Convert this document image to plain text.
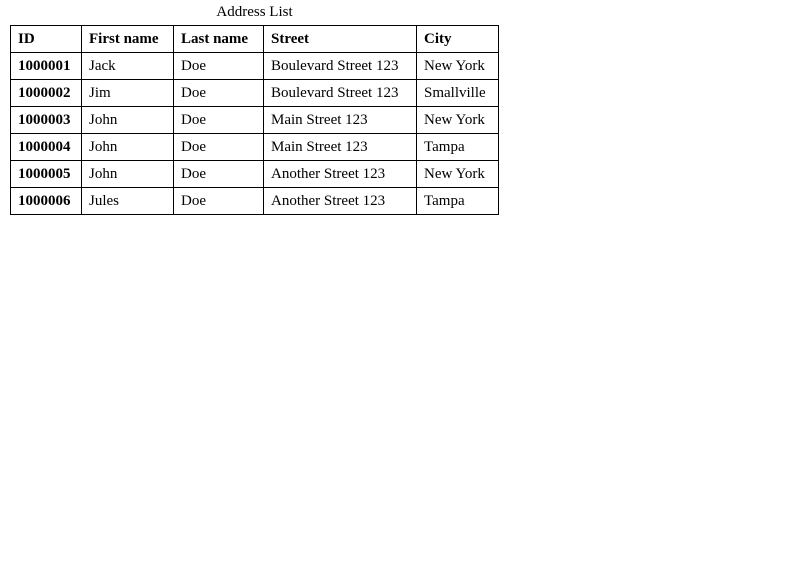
Address List
ID	First name	Last name	Street	City
1000001	Jack	Doe	Boulevard Street 123	New York
1000002	Jim	Doe	Boulevard Street 123	Smallville
1000003	John	Doe	Main Street 123	New York
1000004	John	Doe	Main Street 123	Tampa
1000005	John	Doe	Another Street 123	New York
1000006	Jules	Doe	Another Street 123	Tampa
